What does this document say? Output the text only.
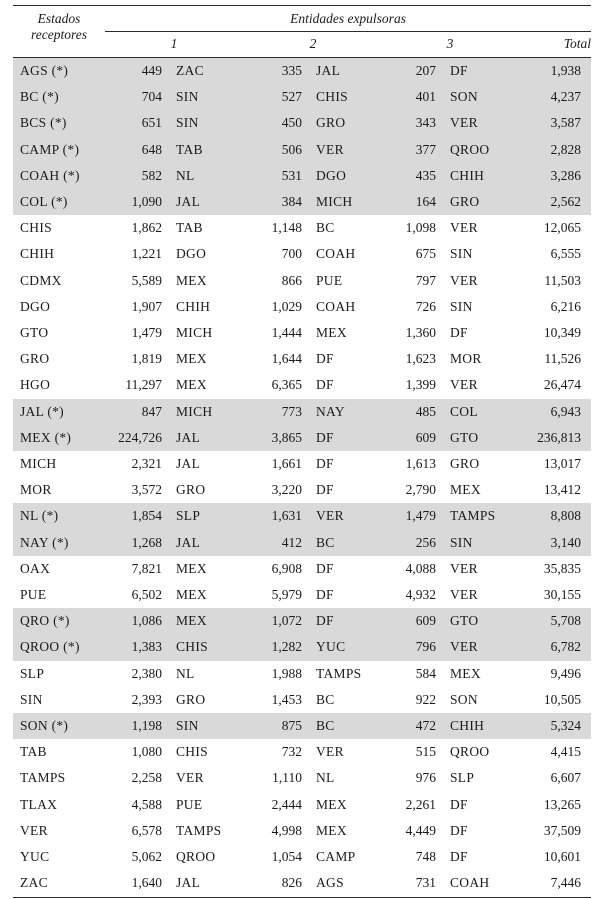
Estados receptores	Entidades expulsoras						
	1		2		3		Total
AGS (*)	449	ZAC	335	JAL	207	DF	1,938
BC (*)	704	SIN	527	CHIS	401	SON	4,237
BCS (*)	651	SIN	450	GRO	343	VER	3,587
CAMP (*)	648	TAB	506	VER	377	QROO	2,828
COAH (*)	582	NL	531	DGO	435	CHIH	3,286
COL (*)	1,090	JAL	384	MICH	164	GRO	2,562
CHIS	1,862	TAB	1,148	BC	1,098	VER	12,065
CHIH	1,221	DGO	700	COAH	675	SIN	6,555
CDMX	5,589	MEX	866	PUE	797	VER	11,503
DGO	1,907	CHIH	1,029	COAH	726	SIN	6,216
GTO	1,479	MICH	1,444	MEX	1,360	DF	10,349
GRO	1,819	MEX	1,644	DF	1,623	MOR	11,526
HGO	11,297	MEX	6,365	DF	1,399	VER	26,474
JAL (*)	847	MICH	773	NAY	485	COL	6,943
MEX (*)	224,726	JAL	3,865	DF	609	GTO	236,813
MICH	2,321	JAL	1,661	DF	1,613	GRO	13,017
MOR	3,572	GRO	3,220	DF	2,790	MEX	13,412
NL (*)	1,854	SLP	1,631	VER	1,479	TAMPS	8,808
NAY (*)	1,268	JAL	412	BC	256	SIN	3,140
OAX	7,821	MEX	6,908	DF	4,088	VER	35,835
PUE	6,502	MEX	5,979	DF	4,932	VER	30,155
QRO (*)	1,086	MEX	1,072	DF	609	GTO	5,708
QROO (*)	1,383	CHIS	1,282	YUC	796	VER	6,782
SLP	2,380	NL	1,988	TAMPS	584	MEX	9,496
SIN	2,393	GRO	1,453	BC	922	SON	10,505
SON (*)	1,198	SIN	875	BC	472	CHIH	5,324
TAB	1,080	CHIS	732	VER	515	QROO	4,415
TAMPS	2,258	VER	1,110	NL	976	SLP	6,607
TLAX	4,588	PUE	2,444	MEX	2,261	DF	13,265
VER	6,578	TAMPS	4,998	MEX	4,449	DF	37,509
YUC	5,062	QROO	1,054	CAMP	748	DF	10,601
ZAC	1,640	JAL	826	AGS	731	COAH	7,446
